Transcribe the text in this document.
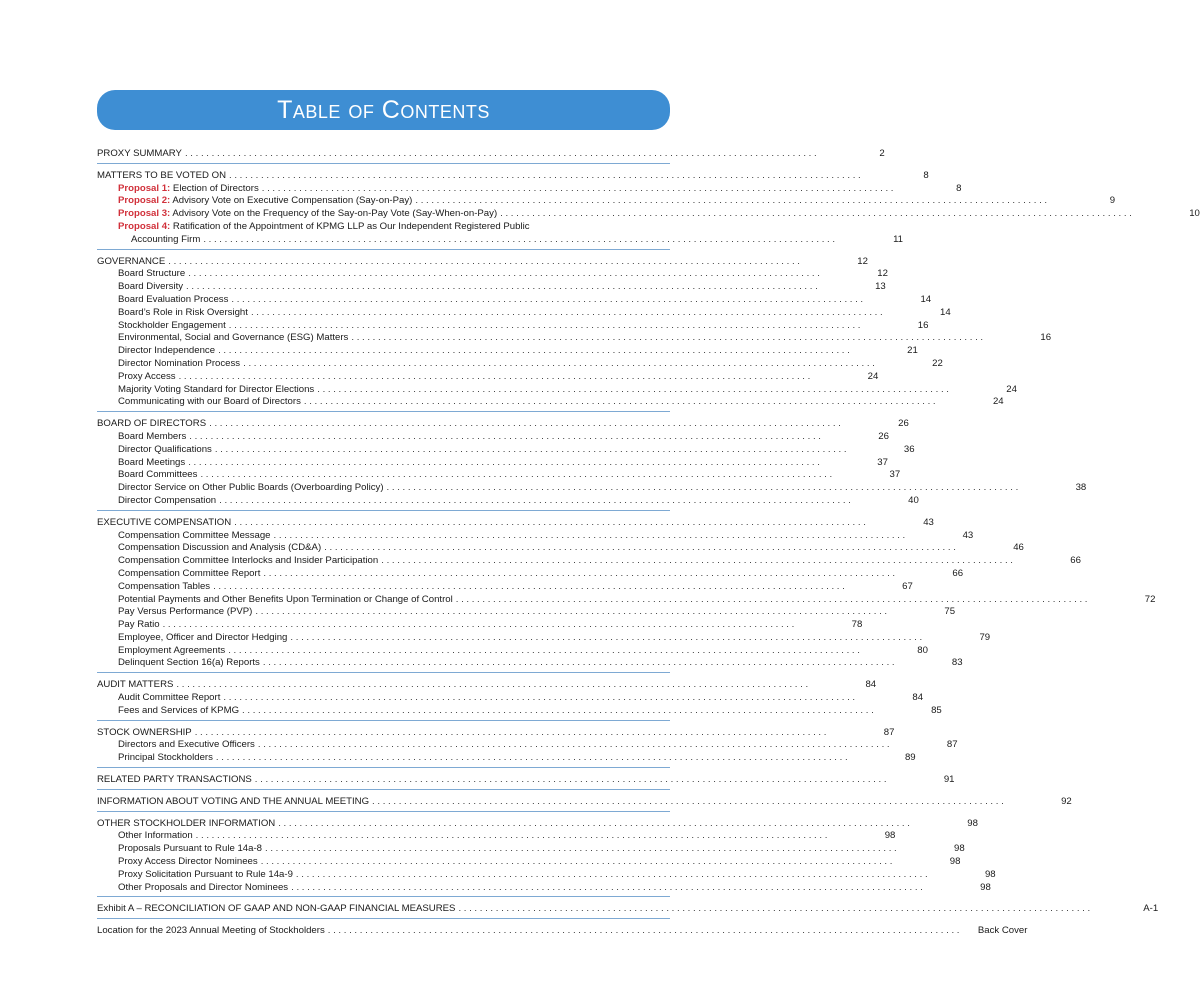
Table of Contents
PROXY SUMMARY . . . . . . . . . . . . . . . . . . . . . . . . . . . . . . . . . . . . . . . . . . . . . . . . . . . . . . . . . . . . . . . . . . . . . . . . . . . . . . . . . . . . . . . . . . . . . . . . . . . . . . . . . . . . . . . . . . . . . . .	2
MATTERS TO BE VOTED ON . . . . . . . . . . . . . . . . . . . . . . . . . . . . . . . . . . . . . . . . . . . . . . . . . . . . . . . . . . . . . . . . . . . . . . . . . . . . . . . . . . . . . . . . . . . . . . . . . . . . . . . . . . . . . . . . . . . . . . .	8
Proposal 1: Election of Directors . . . . . . . . . . . . . . . . . . . . . . . . . . . . . . . . . . . . . . . . . . . . . . . . . . . . . . . . . . . . . . . . . . . . . . . . . . . . . . . . . . . . . . . . . . . . . . . . . . . . . . . . . . . . . . . . . . . . . . .	8
Proposal 2: Advisory Vote on Executive Compensation (Say-on-Pay) . . . . . . . . . . . . . . . . . . . . . . . . . . . . . . . . . . . . . . . . . . . . . . . . . . . . . . . . . . . . . . . . . . . . . . . . . . . . . . . . . . . . . . . . . . . . . . . . . . . . . . . . . . . . . . . . . . . . . . .	9
Proposal 3: Advisory Vote on the Frequency of the Say-on-Pay Vote (Say-When-on-Pay) . . . . . . . . . . . . . . . . . . . . . . . . . . . . . . . . . . . . . . . . . . . . . . . . . . . . . . . . . . . . . . . . . . . . . . . . . . . . . . . . . . . . . . . . . . . . . . . . . . . . . . . . . . . . . . . . . . . . . . .	10
Proposal 4: Ratification of the Appointment of KPMG LLP as Our Independent Registered Public
Accounting Firm . . . . . . . . . . . . . . . . . . . . . . . . . . . . . . . . . . . . . . . . . . . . . . . . . . . . . . . . . . . . . . . . . . . . . . . . . . . . . . . . . . . . . . . . . . . . . . . . . . . . . . . . . . . . . . . . . . . . . . .	11
GOVERNANCE . . . . . . . . . . . . . . . . . . . . . . . . . . . . . . . . . . . . . . . . . . . . . . . . . . . . . . . . . . . . . . . . . . . . . . . . . . . . . . . . . . . . . . . . . . . . . . . . . . . . . . . . . . . . . . . . . . . . . . .	12
Board Structure . . . . . . . . . . . . . . . . . . . . . . . . . . . . . . . . . . . . . . . . . . . . . . . . . . . . . . . . . . . . . . . . . . . . . . . . . . . . . . . . . . . . . . . . . . . . . . . . . . . . . . . . . . . . . . . . . . . . . . .	12
Board Diversity . . . . . . . . . . . . . . . . . . . . . . . . . . . . . . . . . . . . . . . . . . . . . . . . . . . . . . . . . . . . . . . . . . . . . . . . . . . . . . . . . . . . . . . . . . . . . . . . . . . . . . . . . . . . . . . . . . . . . . .	13
Board Evaluation Process . . . . . . . . . . . . . . . . . . . . . . . . . . . . . . . . . . . . . . . . . . . . . . . . . . . . . . . . . . . . . . . . . . . . . . . . . . . . . . . . . . . . . . . . . . . . . . . . . . . . . . . . . . . . . . . . . . . . . . .	14
Board’s Role in Risk Oversight . . . . . . . . . . . . . . . . . . . . . . . . . . . . . . . . . . . . . . . . . . . . . . . . . . . . . . . . . . . . . . . . . . . . . . . . . . . . . . . . . . . . . . . . . . . . . . . . . . . . . . . . . . . . . . . . . . . . . . .	14
Stockholder Engagement . . . . . . . . . . . . . . . . . . . . . . . . . . . . . . . . . . . . . . . . . . . . . . . . . . . . . . . . . . . . . . . . . . . . . . . . . . . . . . . . . . . . . . . . . . . . . . . . . . . . . . . . . . . . . . . . . . . . . . .	16
Environmental, Social and Governance (ESG) Matters . . . . . . . . . . . . . . . . . . . . . . . . . . . . . . . . . . . . . . . . . . . . . . . . . . . . . . . . . . . . . . . . . . . . . . . . . . . . . . . . . . . . . . . . . . . . . . . . . . . . . . . . . . . . . . . . . . . . . . .	16
Director Independence . . . . . . . . . . . . . . . . . . . . . . . . . . . . . . . . . . . . . . . . . . . . . . . . . . . . . . . . . . . . . . . . . . . . . . . . . . . . . . . . . . . . . . . . . . . . . . . . . . . . . . . . . . . . . . . . . . . . . . .	21
Director Nomination Process . . . . . . . . . . . . . . . . . . . . . . . . . . . . . . . . . . . . . . . . . . . . . . . . . . . . . . . . . . . . . . . . . . . . . . . . . . . . . . . . . . . . . . . . . . . . . . . . . . . . . . . . . . . . . . . . . . . . . . .	22
Proxy Access . . . . . . . . . . . . . . . . . . . . . . . . . . . . . . . . . . . . . . . . . . . . . . . . . . . . . . . . . . . . . . . . . . . . . . . . . . . . . . . . . . . . . . . . . . . . . . . . . . . . . . . . . . . . . . . . . . . . . . .	24
Majority Voting Standard for Director Elections . . . . . . . . . . . . . . . . . . . . . . . . . . . . . . . . . . . . . . . . . . . . . . . . . . . . . . . . . . . . . . . . . . . . . . . . . . . . . . . . . . . . . . . . . . . . . . . . . . . . . . . . . . . . . . . . . . . . . . .	24
Communicating with our Board of Directors . . . . . . . . . . . . . . . . . . . . . . . . . . . . . . . . . . . . . . . . . . . . . . . . . . . . . . . . . . . . . . . . . . . . . . . . . . . . . . . . . . . . . . . . . . . . . . . . . . . . . . . . . . . . . . . . . . . . . . .	24
BOARD OF DIRECTORS . . . . . . . . . . . . . . . . . . . . . . . . . . . . . . . . . . . . . . . . . . . . . . . . . . . . . . . . . . . . . . . . . . . . . . . . . . . . . . . . . . . . . . . . . . . . . . . . . . . . . . . . . . . . . . . . . . . . . . .	26
Board Members . . . . . . . . . . . . . . . . . . . . . . . . . . . . . . . . . . . . . . . . . . . . . . . . . . . . . . . . . . . . . . . . . . . . . . . . . . . . . . . . . . . . . . . . . . . . . . . . . . . . . . . . . . . . . . . . . . . . . . .	26
Director Qualifications . . . . . . . . . . . . . . . . . . . . . . . . . . . . . . . . . . . . . . . . . . . . . . . . . . . . . . . . . . . . . . . . . . . . . . . . . . . . . . . . . . . . . . . . . . . . . . . . . . . . . . . . . . . . . . . . . . . . . . .	36
Board Meetings . . . . . . . . . . . . . . . . . . . . . . . . . . . . . . . . . . . . . . . . . . . . . . . . . . . . . . . . . . . . . . . . . . . . . . . . . . . . . . . . . . . . . . . . . . . . . . . . . . . . . . . . . . . . . . . . . . . . . . .	37
Board Committees . . . . . . . . . . . . . . . . . . . . . . . . . . . . . . . . . . . . . . . . . . . . . . . . . . . . . . . . . . . . . . . . . . . . . . . . . . . . . . . . . . . . . . . . . . . . . . . . . . . . . . . . . . . . . . . . . . . . . . .	37
Director Service on Other Public Boards (Overboarding Policy) . . . . . . . . . . . . . . . . . . . . . . . . . . . . . . . . . . . . . . . . . . . . . . . . . . . . . . . . . . . . . . . . . . . . . . . . . . . . . . . . . . . . . . . . . . . . . . . . . . . . . . . . . . . . . . . . . . . . . . .	38
Director Compensation . . . . . . . . . . . . . . . . . . . . . . . . . . . . . . . . . . . . . . . . . . . . . . . . . . . . . . . . . . . . . . . . . . . . . . . . . . . . . . . . . . . . . . . . . . . . . . . . . . . . . . . . . . . . . . . . . . . . . . .	40
EXECUTIVE COMPENSATION . . . . . . . . . . . . . . . . . . . . . . . . . . . . . . . . . . . . . . . . . . . . . . . . . . . . . . . . . . . . . . . . . . . . . . . . . . . . . . . . . . . . . . . . . . . . . . . . . . . . . . . . . . . . . . . . . . . . . . .	43
Compensation Committee Message . . . . . . . . . . . . . . . . . . . . . . . . . . . . . . . . . . . . . . . . . . . . . . . . . . . . . . . . . . . . . . . . . . . . . . . . . . . . . . . . . . . . . . . . . . . . . . . . . . . . . . . . . . . . . . . . . . . . . . .	43
Compensation Discussion and Analysis (CD&A) . . . . . . . . . . . . . . . . . . . . . . . . . . . . . . . . . . . . . . . . . . . . . . . . . . . . . . . . . . . . . . . . . . . . . . . . . . . . . . . . . . . . . . . . . . . . . . . . . . . . . . . . . . . . . . . . . . . . . . .	46
Compensation Committee Interlocks and Insider Participation . . . . . . . . . . . . . . . . . . . . . . . . . . . . . . . . . . . . . . . . . . . . . . . . . . . . . . . . . . . . . . . . . . . . . . . . . . . . . . . . . . . . . . . . . . . . . . . . . . . . . . . . . . . . . . . . . . . . . . .	66
Compensation Committee Report . . . . . . . . . . . . . . . . . . . . . . . . . . . . . . . . . . . . . . . . . . . . . . . . . . . . . . . . . . . . . . . . . . . . . . . . . . . . . . . . . . . . . . . . . . . . . . . . . . . . . . . . . . . . . . . . . . . . . . .	66
Compensation Tables . . . . . . . . . . . . . . . . . . . . . . . . . . . . . . . . . . . . . . . . . . . . . . . . . . . . . . . . . . . . . . . . . . . . . . . . . . . . . . . . . . . . . . . . . . . . . . . . . . . . . . . . . . . . . . . . . . . . . . .	67
Potential Payments and Other Benefits Upon Termination or Change of Control . . . . . . . . . . . . . . . . . . . . . . . . . . . . . . . . . . . . . . . . . . . . . . . . . . . . . . . . . . . . . . . . . . . . . . . . . . . . . . . . . . . . . . . . . . . . . . . . . . . . . . . . . . . . . . . . . . . . . . .	72
Pay Versus Performance (PVP) . . . . . . . . . . . . . . . . . . . . . . . . . . . . . . . . . . . . . . . . . . . . . . . . . . . . . . . . . . . . . . . . . . . . . . . . . . . . . . . . . . . . . . . . . . . . . . . . . . . . . . . . . . . . . . . . . . . . . . .	75
Pay Ratio . . . . . . . . . . . . . . . . . . . . . . . . . . . . . . . . . . . . . . . . . . . . . . . . . . . . . . . . . . . . . . . . . . . . . . . . . . . . . . . . . . . . . . . . . . . . . . . . . . . . . . . . . . . . . . . . . . . . . . .	78
Employee, Officer and Director Hedging . . . . . . . . . . . . . . . . . . . . . . . . . . . . . . . . . . . . . . . . . . . . . . . . . . . . . . . . . . . . . . . . . . . . . . . . . . . . . . . . . . . . . . . . . . . . . . . . . . . . . . . . . . . . . . . . . . . . . . .	79
Employment Agreements . . . . . . . . . . . . . . . . . . . . . . . . . . . . . . . . . . . . . . . . . . . . . . . . . . . . . . . . . . . . . . . . . . . . . . . . . . . . . . . . . . . . . . . . . . . . . . . . . . . . . . . . . . . . . . . . . . . . . . .	80
Delinquent Section 16(a) Reports . . . . . . . . . . . . . . . . . . . . . . . . . . . . . . . . . . . . . . . . . . . . . . . . . . . . . . . . . . . . . . . . . . . . . . . . . . . . . . . . . . . . . . . . . . . . . . . . . . . . . . . . . . . . . . . . . . . . . . .	83
AUDIT MATTERS . . . . . . . . . . . . . . . . . . . . . . . . . . . . . . . . . . . . . . . . . . . . . . . . . . . . . . . . . . . . . . . . . . . . . . . . . . . . . . . . . . . . . . . . . . . . . . . . . . . . . . . . . . . . . . . . . . . . . . .	84
Audit Committee Report . . . . . . . . . . . . . . . . . . . . . . . . . . . . . . . . . . . . . . . . . . . . . . . . . . . . . . . . . . . . . . . . . . . . . . . . . . . . . . . . . . . . . . . . . . . . . . . . . . . . . . . . . . . . . . . . . . . . . . .	84
Fees and Services of KPMG . . . . . . . . . . . . . . . . . . . . . . . . . . . . . . . . . . . . . . . . . . . . . . . . . . . . . . . . . . . . . . . . . . . . . . . . . . . . . . . . . . . . . . . . . . . . . . . . . . . . . . . . . . . . . . . . . . . . . . .	85
STOCK OWNERSHIP . . . . . . . . . . . . . . . . . . . . . . . . . . . . . . . . . . . . . . . . . . . . . . . . . . . . . . . . . . . . . . . . . . . . . . . . . . . . . . . . . . . . . . . . . . . . . . . . . . . . . . . . . . . . . . . . . . . . . . .	87
Directors and Executive Officers . . . . . . . . . . . . . . . . . . . . . . . . . . . . . . . . . . . . . . . . . . . . . . . . . . . . . . . . . . . . . . . . . . . . . . . . . . . . . . . . . . . . . . . . . . . . . . . . . . . . . . . . . . . . . . . . . . . . . . .	87
Principal Stockholders . . . . . . . . . . . . . . . . . . . . . . . . . . . . . . . . . . . . . . . . . . . . . . . . . . . . . . . . . . . . . . . . . . . . . . . . . . . . . . . . . . . . . . . . . . . . . . . . . . . . . . . . . . . . . . . . . . . . . . .	89
RELATED PARTY TRANSACTIONS . . . . . . . . . . . . . . . . . . . . . . . . . . . . . . . . . . . . . . . . . . . . . . . . . . . . . . . . . . . . . . . . . . . . . . . . . . . . . . . . . . . . . . . . . . . . . . . . . . . . . . . . . . . . . . . . . . . . . . .	91
INFORMATION ABOUT VOTING AND THE ANNUAL MEETING . . . . . . . . . . . . . . . . . . . . . . . . . . . . . . . . . . . . . . . . . . . . . . . . . . . . . . . . . . . . . . . . . . . . . . . . . . . . . . . . . . . . . . . . . . . . . . . . . . . . . . . . . . . . . . . . . . . . . . .	92
OTHER STOCKHOLDER INFORMATION . . . . . . . . . . . . . . . . . . . . . . . . . . . . . . . . . . . . . . . . . . . . . . . . . . . . . . . . . . . . . . . . . . . . . . . . . . . . . . . . . . . . . . . . . . . . . . . . . . . . . . . . . . . . . . . . . . . . . . .	98
Other Information . . . . . . . . . . . . . . . . . . . . . . . . . . . . . . . . . . . . . . . . . . . . . . . . . . . . . . . . . . . . . . . . . . . . . . . . . . . . . . . . . . . . . . . . . . . . . . . . . . . . . . . . . . . . . . . . . . . . . . .	98
Proposals Pursuant to Rule 14a-8 . . . . . . . . . . . . . . . . . . . . . . . . . . . . . . . . . . . . . . . . . . . . . . . . . . . . . . . . . . . . . . . . . . . . . . . . . . . . . . . . . . . . . . . . . . . . . . . . . . . . . . . . . . . . . . . . . . . . . . .	98
Proxy Access Director Nominees . . . . . . . . . . . . . . . . . . . . . . . . . . . . . . . . . . . . . . . . . . . . . . . . . . . . . . . . . . . . . . . . . . . . . . . . . . . . . . . . . . . . . . . . . . . . . . . . . . . . . . . . . . . . . . . . . . . . . . .	98
Proxy Solicitation Pursuant to Rule 14a-9 . . . . . . . . . . . . . . . . . . . . . . . . . . . . . . . . . . . . . . . . . . . . . . . . . . . . . . . . . . . . . . . . . . . . . . . . . . . . . . . . . . . . . . . . . . . . . . . . . . . . . . . . . . . . . . . . . . . . . . .	98
Other Proposals and Director Nominees . . . . . . . . . . . . . . . . . . . . . . . . . . . . . . . . . . . . . . . . . . . . . . . . . . . . . . . . . . . . . . . . . . . . . . . . . . . . . . . . . . . . . . . . . . . . . . . . . . . . . . . . . . . . . . . . . . . . . . .	98
Exhibit A – RECONCILIATION OF GAAP AND NON-GAAP FINANCIAL MEASURES . . . . . . . . . . . . . . . . . . . . . . . . . . . . . . . . . . . . . . . . . . . . . . . . . . . . . . . . . . . . . . . . . . . . . . . . . . . . . . . . . . . . . . . . . . . . . . . . . . . . . . . . . . . . . . . . . . . . . . .	A-1
Location for the 2023 Annual Meeting of Stockholders . . . . . . . . . . . . . . . . . . . . . . . . . . . . . . . . . . . . . . . . . . . . . . . . . . . . . . . . . . . . . . . . . . . . . . . . . . . . . . . . . . . . . . . . . . . . . . . . . . . . . . . . . . . . . . . . . . . . . . .	Back Cover
